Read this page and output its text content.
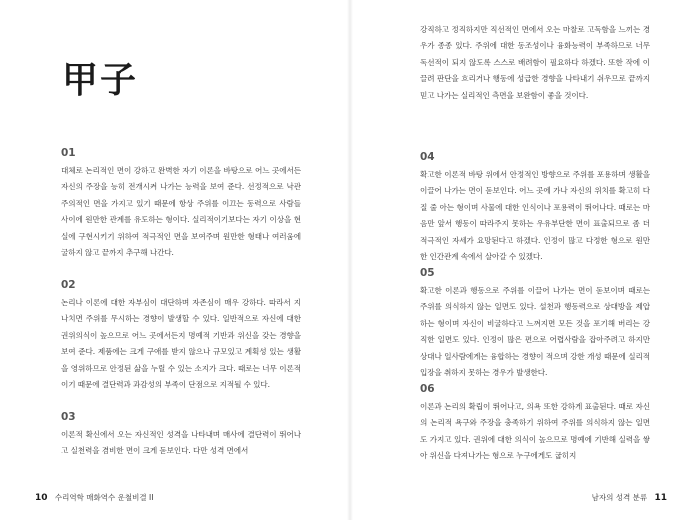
甲子
01

대체로 논리적인 면이 강하고 완벽한 자기 이론을 바탕으로 어느 곳에서든 자신의 주장을 능히 전개시켜 나가는 능력을 보여 준다. 선정적으로 낙관주의적인 면을 가지고 있기 때문에 항상 주위를 이끄는 동력으로 사람들 사이에 원만한 관계를 유도하는 형이다. 실리적이기보다는 자기 이상을 현실에 구현시키기 위하여 적극적인 면을 보여주며 원만한 형태나 여러움에 굴하지 않고 끝까지 추구해 나간다.

02

논리나 이론에 대한 자부심이 대단하며 자존심이 매우 강하다. 따라서 지나치면 주위를 무시하는 경향이 발생할 수 있다. 일반적으로 자신에 대한 권위의식이 높으므로 어느 곳에서든지 명예적 기반과 위신을 갖는 경향을 보여 준다. 제품에는 크게 구애를 받지 않으나 규모있고 계획성 있는 생활을 영위하므로 안정된 삶을 누릴 수 있는 소지가 크다. 때로는 너무 이론적이기 때문에 결단력과 과감성의 부족이 단점으로 지적될 수 있다.

03

이론적 확신에서 오는 자신적인 성격을 나타내며 매사에 결단력이 뛰어나고 실천력을 겸비한 면이 크게 돋보인다. 다만 성격 면에서

10 수리역학 매화역수 운철비결 II

강직하고 정직하지만 직선적인 면에서 오는 마찰로 고독함을 느끼는 경우가 종종 있다. 주위에 대한 동조성이나 융화능력이 부족하므로 너무 독선적이 되지 않도록 스스로 배려함이 필요하다 하겠다. 또한 작에 이끌려 판단을 흐리거나 행동에 성급한 경향을 나타내기 쉬우므로 끝까지 믿고 나가는 실리적인 측면을 보완함이 좋을 것이다.

04

확고한 이론적 바탕 위에서 안정적인 방향으로 주위를 포용하며 생활을 이끌어 나가는 면이 돋보인다. 어느 곳에 가나 자신의 위치를 확고히 다질 줄 아는 형이며 사물에 대한 인식이나 포용력이 뛰어나다. 때로는 마음만 앞서 행동이 따라주지 못하는 우유부단한 면이 표출되므로 좀 더 적극적인 자세가 요망된다고 하겠다. 인정이 많고 다정한 형으로 원만한 인간관계 속에서 살아갈 수 있겠다.

05

확고한 이론과 행동으로 주위를 이끌어 나가는 면이 돋보이며 때로는 주위를 의식하지 않는 일면도 있다. 설천과 행동력으로 상대방을 제압하는 형이며 자신이 비굴하다고 느껴지면 모든 것을 포기해 버리는 강직한 일면도 있다. 인정이 많은 편으로 어렵사람을 잡아주려고 하지만 상대나 일사람에게는 융합하는 경향이 적으며 강한 개성 때문에 실리적 입장을 취하지 못하는 경우가 발생한다.

06

이론과 논리의 확립이 뛰어나고, 의욕 또한 강하게 표출된다. 때로 자신의 논리적 욕구와 주장을 충족하기 위하여 주위를 의식하지 않는 일면도 가지고 있다. 권위에 대한 의식이 높으므로 명예에 기반해 실력을 쌓아 위신을 다져나가는 형으로 누구에게도 굽히지

남자의 성격 분류 11
